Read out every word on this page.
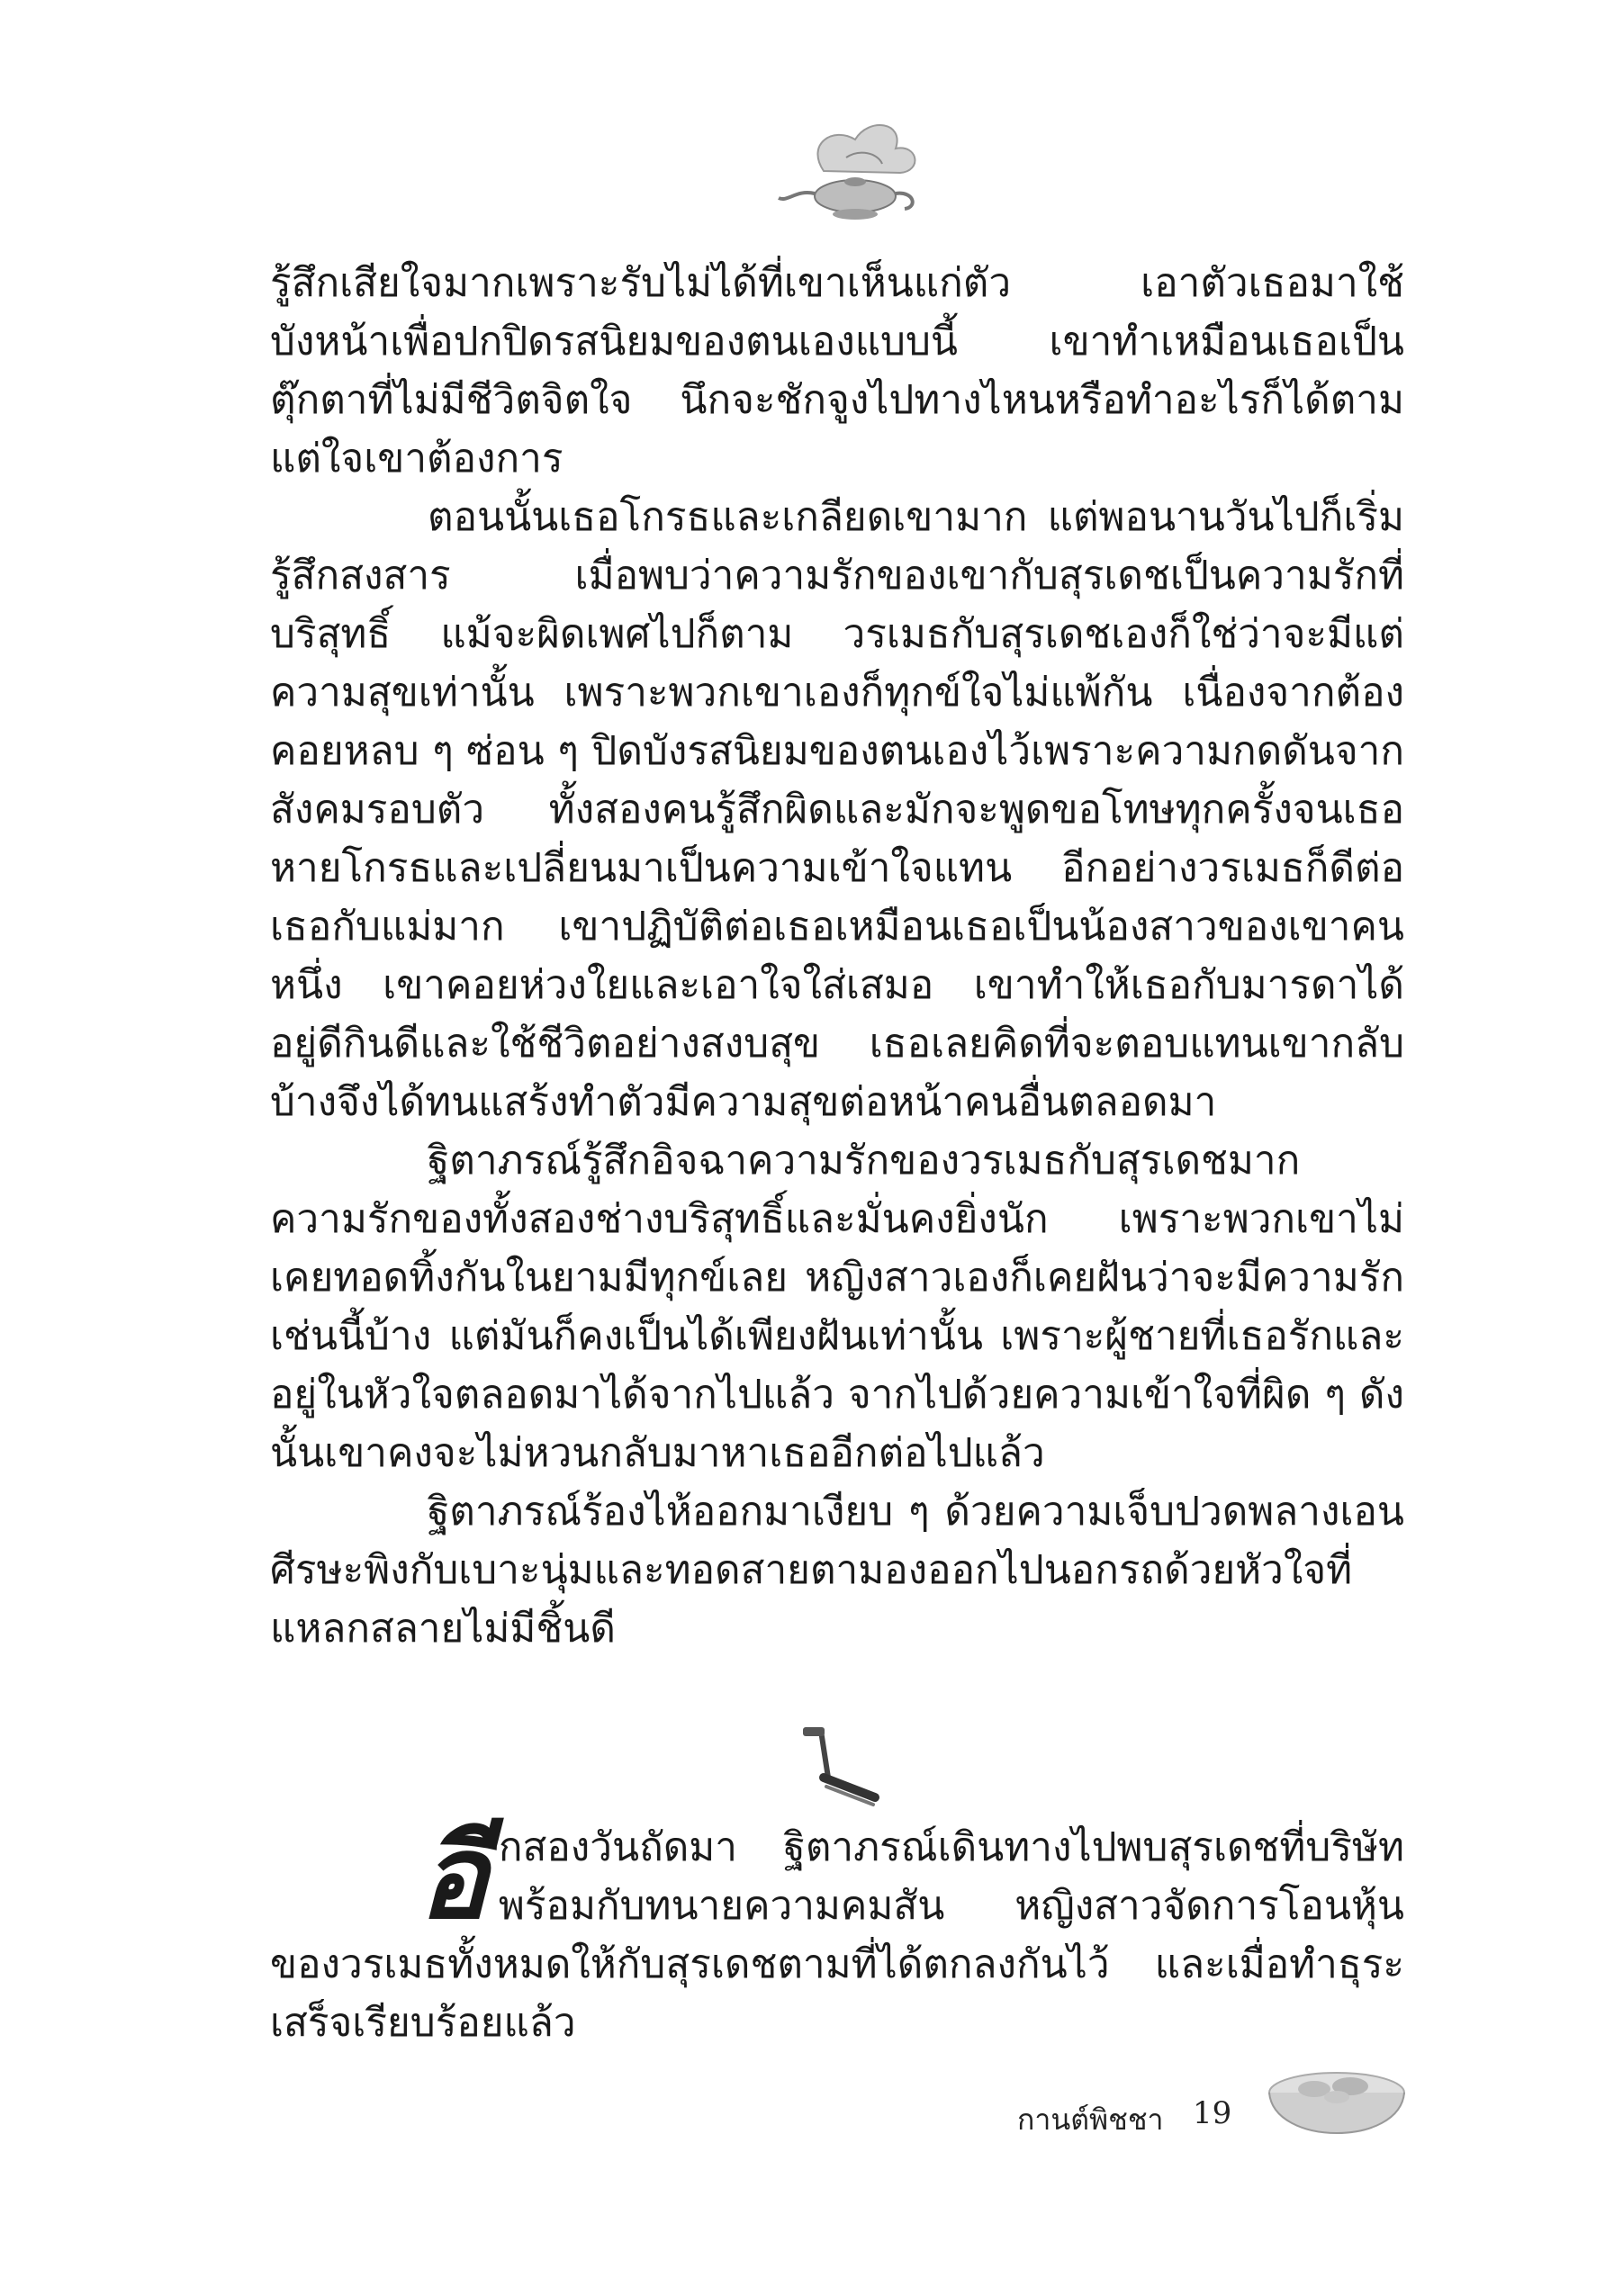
รู้สึกเสียใจมากเพราะรับไม่ได้ที่เขาเห็นแก่ตัว เอาตัวเธอมาใช้บังหน้าเพื่อปกปิดรสนิยมของตนเองแบบนี้ เขาทำเหมือนเธอเป็นตุ๊กตาที่ไม่มีชีวิตจิตใจ นึกจะชักจูงไปทางไหนหรือทำอะไรก็ได้ตามแต่ใจเขาต้องการ

ตอนนั้นเธอโกรธและเกลียดเขามาก แต่พอนานวันไปก็เริ่มรู้สึกสงสาร เมื่อพบว่าความรักของเขากับสุรเดชเป็นความรักที่บริสุทธิ์ แม้จะผิดเพศไปก็ตาม วรเมธกับสุรเดชเองก็ใช่ว่าจะมีแต่ความสุขเท่านั้น เพราะพวกเขาเองก็ทุกข์ใจไม่แพ้กัน เนื่องจากต้องคอยหลบ ๆ ซ่อน ๆ ปิดบังรสนิยมของตนเองไว้เพราะความกดดันจากสังคมรอบตัว ทั้งสองคนรู้สึกผิดและมักจะพูดขอโทษทุกครั้งจนเธอหายโกรธและเปลี่ยนมาเป็นความเข้าใจแทน อีกอย่างวรเมธก็ดีต่อเธอกับแม่มาก เขาปฏิบัติต่อเธอเหมือนเธอเป็นน้องสาวของเขาคนหนึ่ง เขาคอยห่วงใยและเอาใจใส่เสมอ เขาทำให้เธอกับมารดาได้อยู่ดีกินดีและใช้ชีวิตอย่างสงบสุข เธอเลยคิดที่จะตอบแทนเขากลับบ้างจึงได้ทนแสร้งทำตัวมีความสุขต่อหน้าคนอื่นตลอดมา

ฐิตาภรณ์รู้สึกอิจฉาความรักของวรเมธกับสุรเดชมาก ความรักของทั้งสองช่างบริสุทธิ์และมั่นคงยิ่งนัก เพราะพวกเขาไม่เคยทอดทิ้งกันในยามมีทุกข์เลย หญิงสาวเองก็เคยฝันว่าจะมีความรักเช่นนี้บ้าง แต่มันก็คงเป็นได้เพียงฝันเท่านั้น เพราะผู้ชายที่เธอรักและอยู่ในหัวใจตลอดมาได้จากไปแล้ว จากไปด้วยความเข้าใจที่ผิด ๆ ดังนั้นเขาคงจะไม่หวนกลับมาหาเธออีกต่อไปแล้ว

ฐิตาภรณ์ร้องไห้ออกมาเงียบ ๆ ด้วยความเจ็บปวดพลางเอนศีรษะพิงกับเบาะนุ่มและทอดสายตามองออกไปนอกรถด้วยหัวใจที่แหลกสลายไม่มีชิ้นดี

อี กสองวันถัดมา ฐิตาภรณ์เดินทางไปพบสุรเดชที่บริษัทพร้อมกับทนายความคมสัน หญิงสาวจัดการโอนหุ้นของวรเมธทั้งหมดให้กับสุรเดชตามที่ได้ตกลงกันไว้ และเมื่อทำธุระเสร็จเรียบร้อยแล้ว

กานต์พิชชา 19
